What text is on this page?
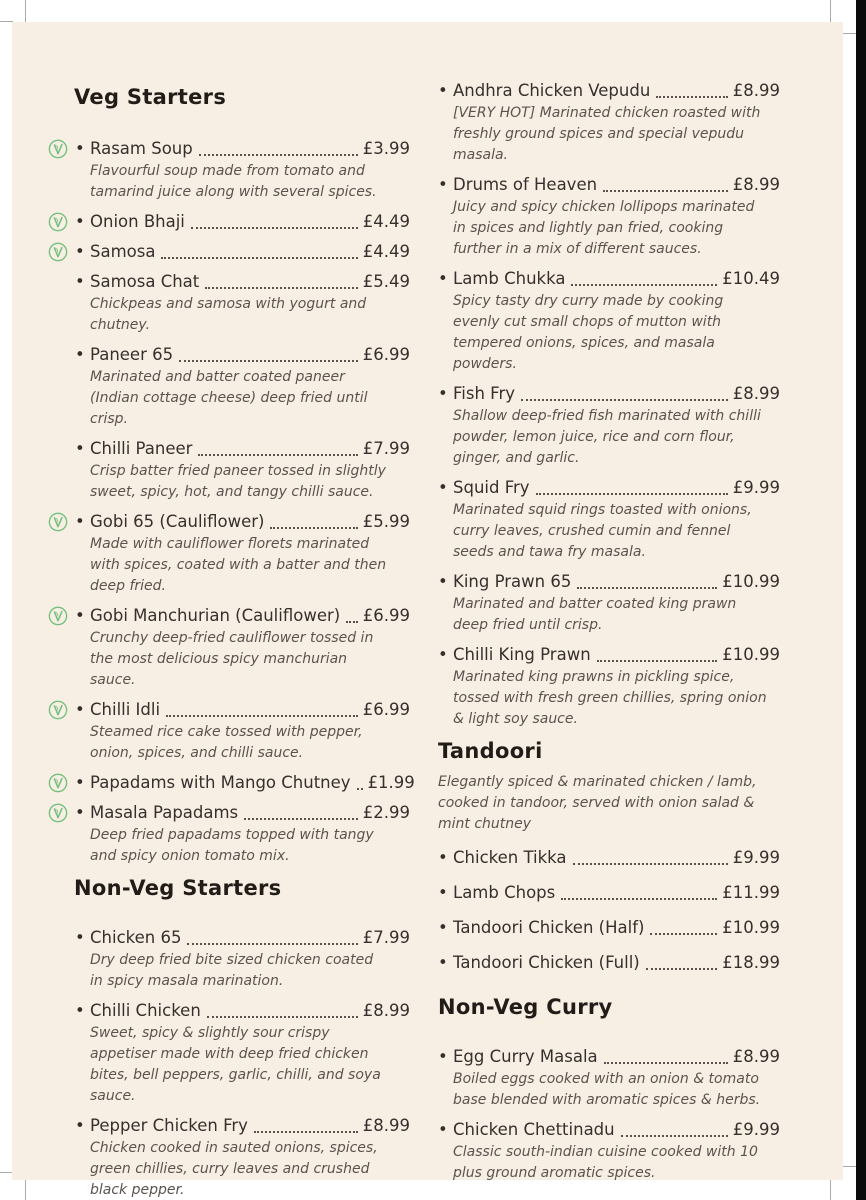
Veg Starters
• Rasam Soup	£3.99

Flavourful soup made from tomato and tamarind juice along with several spices.

• Onion Bhaji	£4.49
• Samosa	£4.49
• Samosa Chat	£5.49

Chickpeas and samosa with yogurt and chutney.

• Paneer 65	£6.99

Marinated and batter coated paneer (Indian cottage cheese) deep fried until crisp.

• Chilli Paneer	£7.99

Crisp batter fried paneer tossed in slightly sweet, spicy, hot, and tangy chilli sauce.

• Gobi 65 (Cauliflower)	£5.99

Made with cauliflower florets marinated with spices, coated with a batter and then deep fried.

• Gobi Manchurian (Cauliflower) £6.99

Crunchy deep-fried cauliflower tossed in the most delicious spicy manchurian sauce.

• Chilli Idli	£6.99

Steamed rice cake tossed with pepper, onion, spices, and chilli sauce.

• Papadams with Mango Chutney £1.99
• Masala Papadams	£2.99

Deep fried papadams topped with tangy and spicy onion tomato mix.

Non-Veg Starters
• Chicken 65	£7.99

Dry deep fried bite sized chicken coated in spicy masala marination.

• Chilli Chicken	£8.99

Sweet, spicy & slightly sour crispy appetiser made with deep fried chicken bites, bell peppers, garlic, chilli, and soya sauce.

• Pepper Chicken Fry	£8.99

Chicken cooked in sauted onions, spices, green chillies, curry leaves and crushed black pepper.

• Andhra Chicken Vepudu	£8.99

[VERY HOT] Marinated chicken roasted with freshly ground spices and special vepudu masala.

• Drums of Heaven	£8.99

Juicy and spicy chicken lollipops marinated in spices and lightly pan fried, cooking further in a mix of different sauces.

• Lamb Chukka	£10.49

Spicy tasty dry curry made by cooking evenly cut small chops of mutton with tempered onions, spices, and masala powders.

• Fish Fry	£8.99

Shallow deep-fried fish marinated with chilli powder, lemon juice, rice and corn flour, ginger, and garlic.

• Squid Fry	£9.99

Marinated squid rings toasted with onions, curry leaves, crushed cumin and fennel seeds and tawa fry masala.

• King Prawn 65	£10.99

Marinated and batter coated king prawn deep fried until crisp.

• Chilli King Prawn	£10.99

Marinated king prawns in pickling spice, tossed with fresh green chillies, spring onion & light soy sauce.

Tandoori

Elegantly spiced & marinated chicken / lamb, cooked in tandoor, served with onion salad & mint chutney

• Chicken Tikka	£9.99
• Lamb Chops	£11.99
• Tandoori Chicken (Half)	£10.99
• Tandoori Chicken (Full)	£18.99
Non-Veg Curry
• Egg Curry Masala	£8.99

Boiled eggs cooked with an onion & tomato base blended with aromatic spices & herbs.

• Chicken Chettinadu	£9.99

Classic south-indian cuisine cooked with 10 plus ground aromatic spices.
